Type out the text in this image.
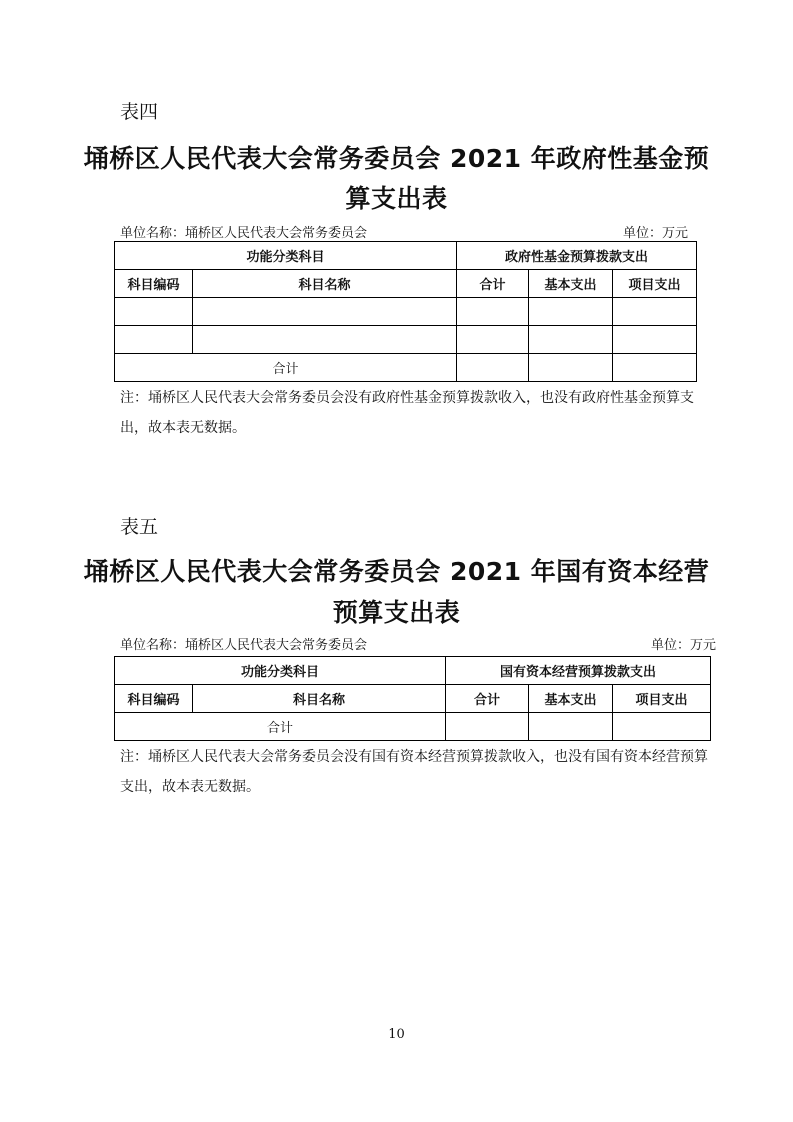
表四
埇桥区人民代表大会常务委员会 2021 年政府性基金预
算支出表
单位名称：埇桥区人民代表大会常务委员会	单位：万元
功能分类科目		政府性基金预算拨款支出		
科目编码	科目名称	合计	基本支出	项目支出

合计				
注：埇桥区人民代表大会常务委员会没有政府性基金预算拨款收入，也没有政府性基金预算支出，故本表无数据。
表五
埇桥区人民代表大会常务委员会 2021 年国有资本经营
预算支出表
单位名称：埇桥区人民代表大会常务委员会	单位：万元
功能分类科目		国有资本经营预算拨款支出		
科目编码	科目名称	合计	基本支出	项目支出
合计				
注：埇桥区人民代表大会常务委员会没有国有资本经营预算拨款收入，也没有国有资本经营预算支出，故本表无数据。
10
